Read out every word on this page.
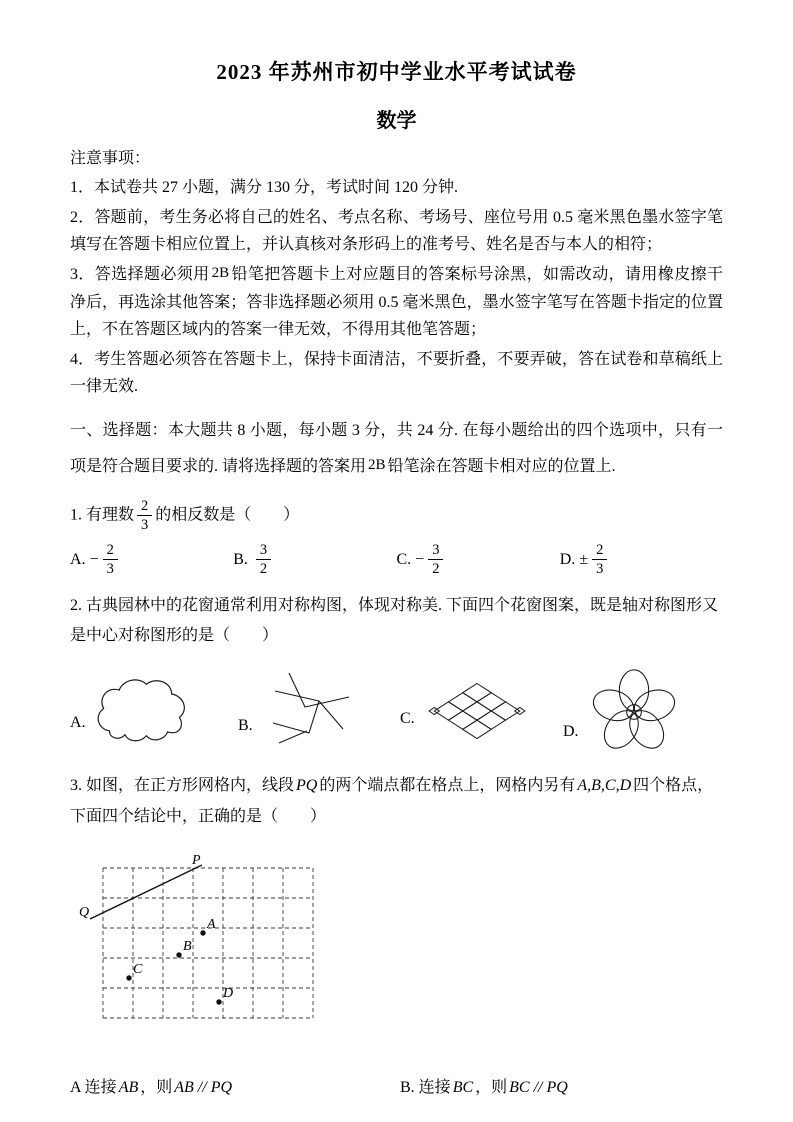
2023 年苏州市初中学业水平考试试卷
数学

注意事项：

1．本试卷共 27 小题，满分 130 分，考试时间 120 分钟.

2．答题前，考生务必将自己的姓名、考点名称、考场号、座位号用 0.5 毫米黑色墨水签字笔填写在答题卡相应位置上，并认真核对条形码上的准考号、姓名是否与本人的相符；

3．答选择题必须用 2B 铅笔把答题卡上对应题目的答案标号涂黑，如需改动，请用橡皮擦干净后，再选涂其他答案；答非选择题必须用 0.5 毫米黑色，墨水签字笔写在答题卡指定的位置上，不在答题区域内的答案一律无效，不得用其他笔答题；

4．考生答题必须答在答题卡上，保持卡面清洁，不要折叠，不要弄破，答在试卷和草稿纸上一律无效.

一、选择题：本大题共 8 小题，每小题 3 分，共 24 分. 在每小题给出的四个选项中，只有一项是符合题目要求的. 请将选择题的答案用 2B 铅笔涂在答题卡相对应的位置上.

1. 有理数 $\frac{2}{3}$ 的相反数是（　　）
A. − $\frac{2}{3}$	B. $\frac{3}{2}$	C. − $\frac{3}{2}$	D. ± $\frac{2}{3}$
2. 古典园林中的花窗通常利用对称构图，体现对称美. 下面四个花窗图案，既是轴对称图形又是中心对称图形的是（　　）
A.	B.	C.
D.
3. 如图，在正方形网格内，线段 PQ 的两个端点都在格点上，网格内另有 A,B,C,D 四个格点，下面四个结论中，正确的是（　　）
P
Q
A
B
C
D
A 连接 AB ，则 AB // PQ	B. 连接 BC ，则 BC // PQ
